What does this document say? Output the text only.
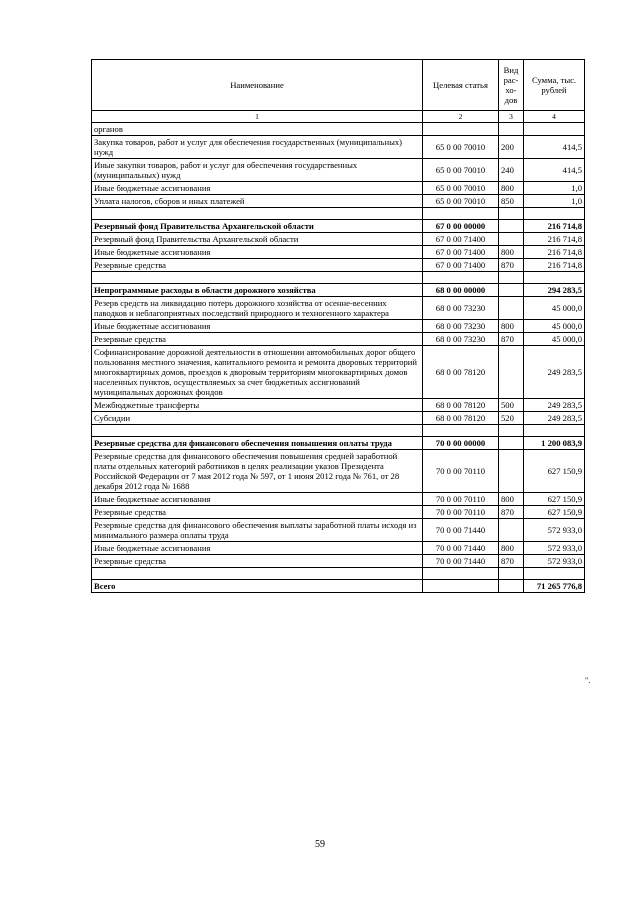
Наименование	Целевая статья	Вид рас-хо-дов	Сумма, тыс. рублей
1	2	3	4
органов			
Закупка товаров, работ и услуг для обеспечения государственных (муниципальных) нужд	65 0 00 70010	200	414,5
Иные закупки товаров, работ и услуг для обеспечения государственных (муниципальных) нужд	65 0 00 70010	240	414,5
Иные бюджетные ассигнования	65 0 00 70010	800	1,0
Уплата налогов, сборов и иных платежей	65 0 00 70010	850	1,0

Резервный фонд Правительства Архангельской области	67 0 00 00000		216 714,8
Резервный фонд Правительства Архангельской области	67 0 00 71400		216 714,8
Иные бюджетные ассигнования	67 0 00 71400	800	216 714,8
Резервные средства	67 0 00 71400	870	216 714,8

Непрограммные расходы в области дорожного хозяйства	68 0 00 00000		294 283,5
Резерв средств на ликвидацию потерь дорожного хозяйства от осенне-весенних паводков и неблагоприятных последствий природного и техногенного характера	68 0 00 73230		45 000,0
Иные бюджетные ассигнования	68 0 00 73230	800	45 000,0
Резервные средства	68 0 00 73230	870	45 000,0
Софинансирование дорожной деятельности в отношении автомобильных дорог общего пользования местного значения, капитального ремонта и ремонта дворовых территорий многоквартирных домов, проездов к дворовым территориям многоквартирных домов населенных пунктов, осуществляемых за счет бюджетных ассигнований муниципальных дорожных фондов	68 0 00 78120		249 283,5
Межбюджетные трансферты	68 0 00 78120	500	249 283,5
Субсидии	68 0 00 78120	520	249 283,5

Резервные средства для финансового обеспечения повышения оплаты труда	70 0 00 00000		1 200 083,9
Резервные средства для финансового обеспечения повышения средней заработной платы отдельных категорий работников в целях реализации указов Президента Российской Федерации от 7 мая 2012 года № 597, от 1 июня 2012 года № 761, от 28 декабря 2012 года № 1688	70 0 00 70110		627 150,9
Иные бюджетные ассигнования	70 0 00 70110	800	627 150,9
Резервные средства	70 0 00 70110	870	627 150,9
Резервные средства для финансового обеспечения выплаты заработной платы исходя из минимального размера оплаты труда	70 0 00 71440		572 933,0
Иные бюджетные ассигнования	70 0 00 71440	800	572 933,0
Резервные средства	70 0 00 71440	870	572 933,0

Всего			71 265 776,8
".
59
